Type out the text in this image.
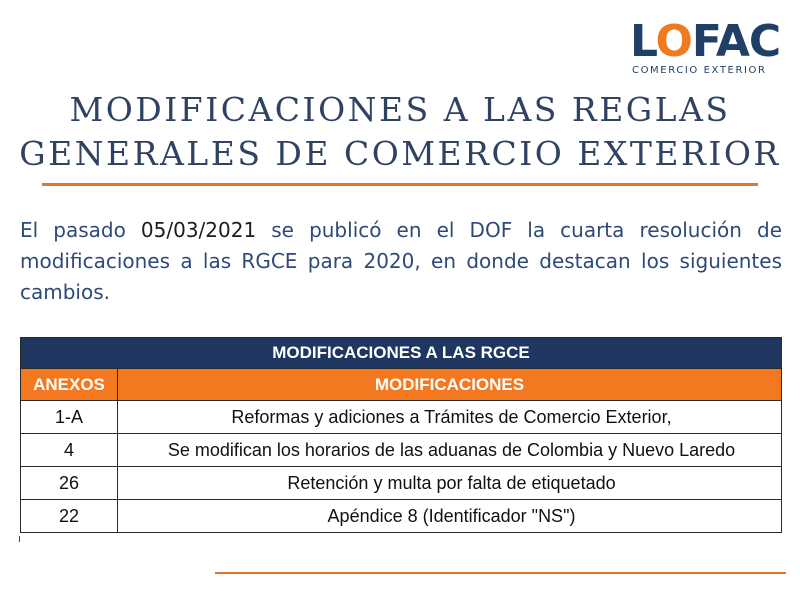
LOFAC
COMERCIO EXTERIOR
MODIFICACIONES A LAS REGLAS
GENERALES DE COMERCIO EXTERIOR

El pasado 05/03/2021 se publicó en el DOF la cuarta resolución de modificaciones a las RGCE para 2020, en donde destacan los siguientes cambios.

MODIFICACIONES A LAS RGCE	
ANEXOS	MODIFICACIONES
1-A	Reformas y adiciones a Trámites de Comercio Exterior,
4	Se modifican los horarios de las aduanas de Colombia y Nuevo Laredo
26	Retención y multa por falta de etiquetado
22	Apéndice 8 (Identificador "NS")
